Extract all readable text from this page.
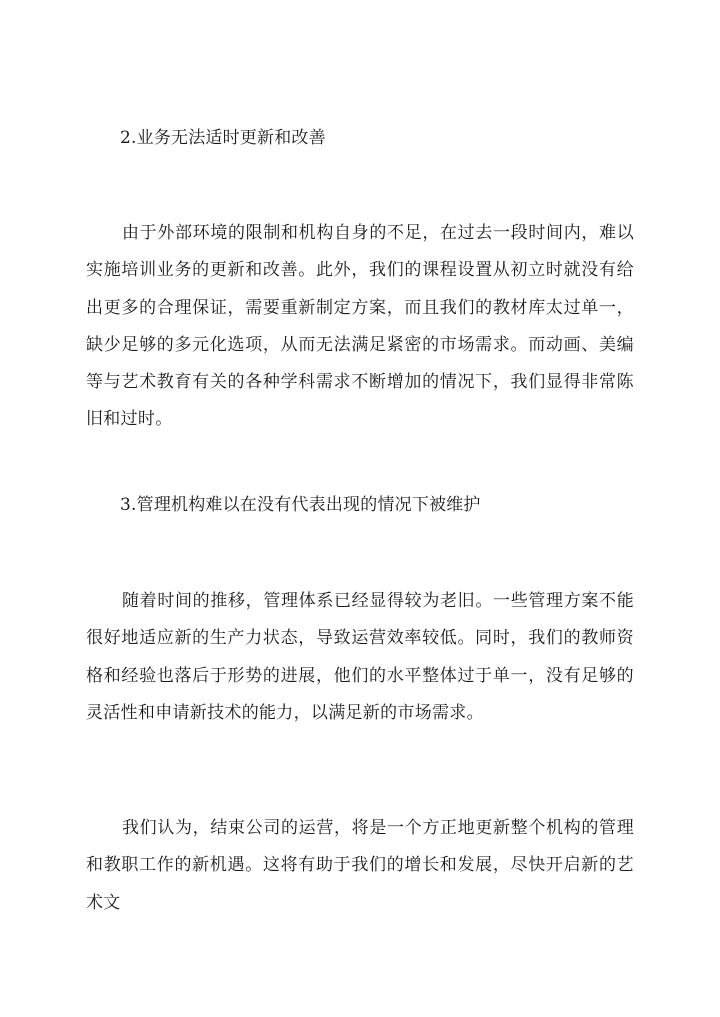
2.业务无法适时更新和改善

由于外部环境的限制和机构自身的不足，在过去一段时间内，难以实施培训业务的更新和改善。此外，我们的课程设置从初立时就没有给出更多的合理保证，需要重新制定方案，而且我们的教材库太过单一，缺少足够的多元化选项，从而无法满足紧密的市场需求。而动画、美编等与艺术教育有关的各种学科需求不断增加的情况下，我们显得非常陈旧和过时。

3.管理机构难以在没有代表出现的情况下被维护

随着时间的推移，管理体系已经显得较为老旧。一些管理方案不能很好地适应新的生产力状态，导致运营效率较低。同时，我们的教师资格和经验也落后于形势的进展，他们的水平整体过于单一，没有足够的灵活性和申请新技术的能力，以满足新的市场需求。

我们认为，结束公司的运营，将是一个方正地更新整个机构的管理和教职工作的新机遇。这将有助于我们的增长和发展，尽快开启新的艺术文
